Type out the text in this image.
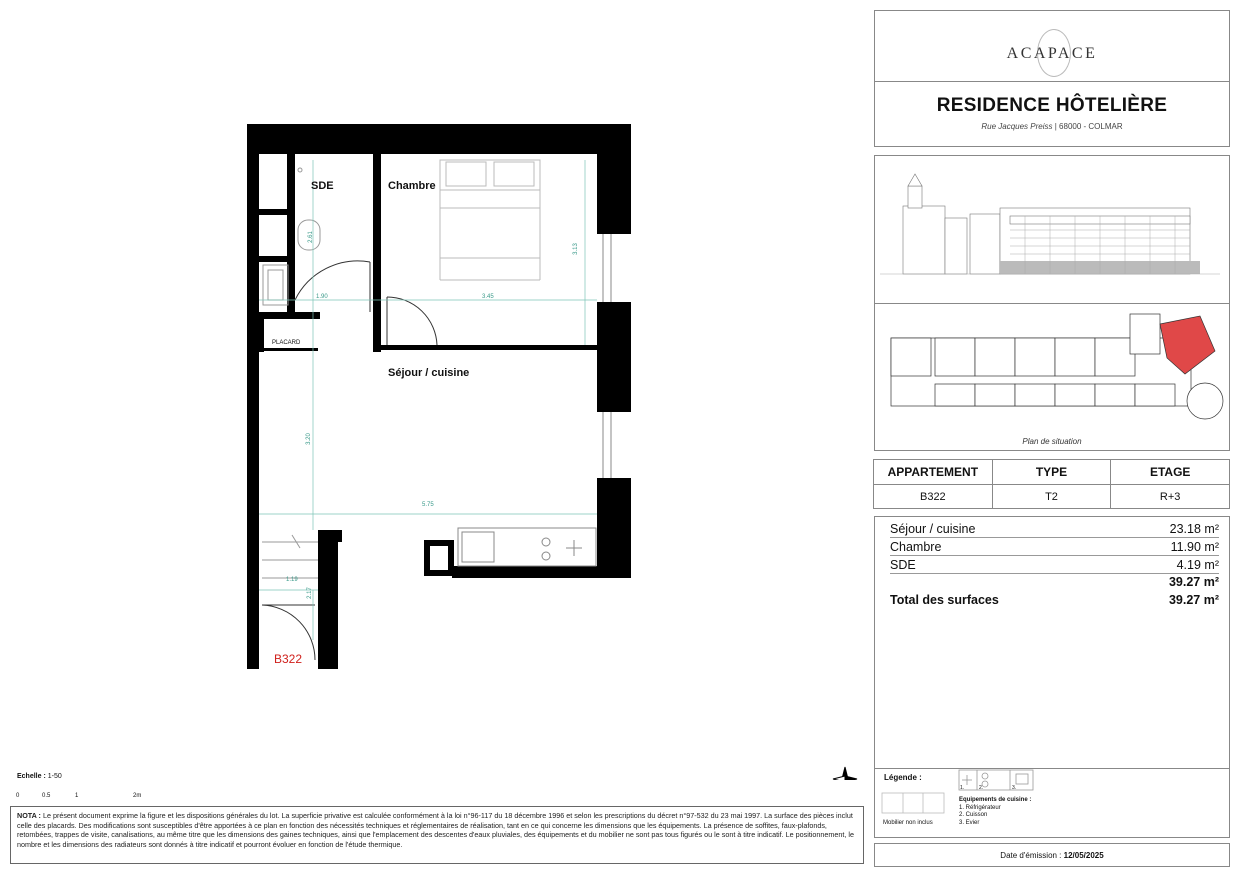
SDE	Chambre
Séjour / cuisine
PLACARD
B322
1.90	3.45
3.13
2.61
3.20
5.75
1.19
2.17
Echelle : 1-50
0	0.5	1	2m
NOTA : Le présent document exprime la figure et les dispositions générales du lot. La superficie privative est calculée conformément à la loi n°96-117 du 18 décembre 1996 et selon les prescriptions du décret n°97-532 du 23 mai 1997. La surface des pièces inclut celle des placards. Des modifications sont susceptibles d'être apportées à ce plan en fonction des nécessités techniques et réglementaires de réalisation, tant en ce qui concerne les dimensions que les équipements. La présence de soffites, faux-plafonds, retombées, trappes de visite, canalisations, au même titre que les dimensions des gaines techniques, ainsi que l'emplacement des descentes d'eaux pluviales, des équipements et du mobilier ne sont pas tous figurés ou le sont à titre indicatif. Le positionnement, le nombre et les dimensions des radiateurs sont donnés à titre indicatif et pourront évoluer en fonction de l'étude thermique.
ACAPACE
RESIDENCE HÔTELIÈRE
Rue Jacques Preiss | 68000 - COLMAR
Plan de situation
APPARTEMENT	TYPE	ETAGE
B322	T2	R+3
Séjour / cuisine	23.18 m²
Chambre	11.90 m²
SDE	4.19 m²
39.27 m²
Total des surfaces	39.27 m²
Légende :
1.	2.	3.
Mobilier non inclus
Equipements de cuisine :
1. Réfrigérateur
2. Cuisson
3. Evier
Date d'émission : 12/05/2025
